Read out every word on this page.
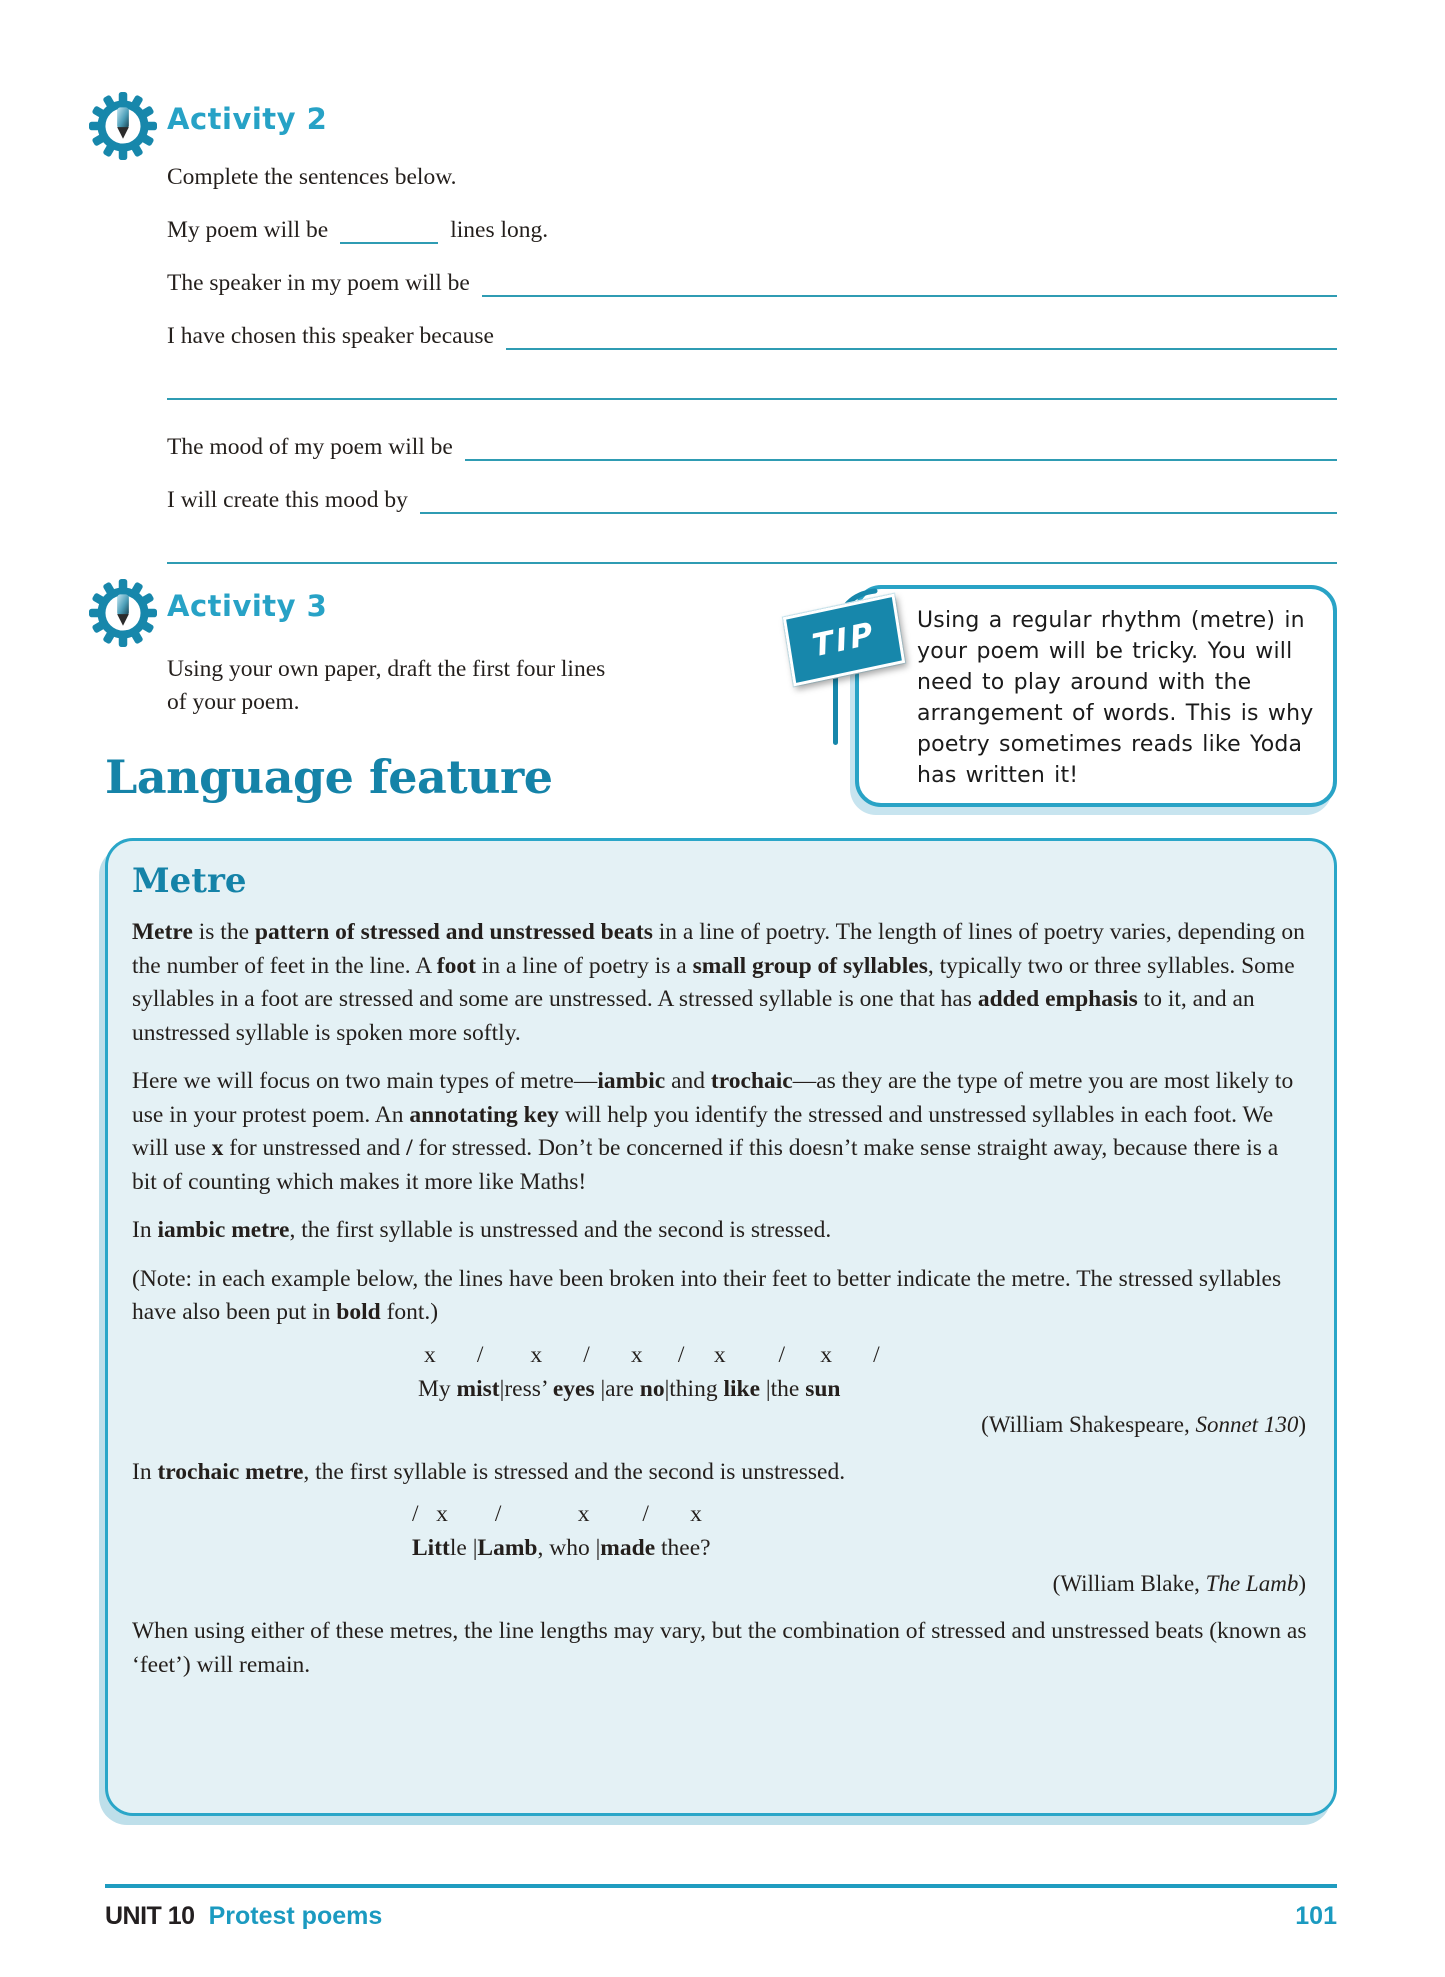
Activity 2

Complete the sentences below.

My poem will be	lines long.
The speaker in my poem will be
I have chosen this speaker because
The mood of my poem will be
I will create this mood by
Activity 3

Using your own paper, draft the first four lines of your poem.

TIP	Using a regular rhythm (metre) in your poem will be tricky. You will need to play around with the arrangement of words. This is why poetry sometimes reads like Yoda has written it!

Language feature
Metre

Metre is the pattern of stressed and unstressed beats in a line of poetry. The length of lines of poetry varies, depending on the number of feet in the line. A foot in a line of poetry is a small group of syllables, typically two or three syllables. Some syllables in a foot are stressed and some are unstressed. A stressed syllable is one that has added emphasis to it, and an unstressed syllable is spoken more softly.

Here we will focus on two main types of metre—iambic and trochaic—as they are the type of metre you are most likely to use in your protest poem. An annotating key will help you identify the stressed and unstressed syllables in each foot. We will use x for unstressed and / for stressed. Don’t be concerned if this doesn’t make sense straight away, because there is a bit of counting which makes it more like Maths!

In iambic metre, the first syllable is unstressed and the second is stressed.

(Note: in each example below, the lines have been broken into their feet to better indicate the metre. The stressed syllables have also been put in bold font.)

x       /        x       /       x      /     x         /      x       /
My mist|ress’ eyes |are no|thing like |the sun
(William Shakespeare, Sonnet 130)

In trochaic metre, the first syllable is stressed and the second is unstressed.

/   x        /             x         /       x
Little |Lamb, who |made thee?
(William Blake, The Lamb)

When using either of these metres, the line lengths may vary, but the combination of stressed and unstressed beats (known as ‘feet’) will remain.

UNIT 10 Protest poems	101
